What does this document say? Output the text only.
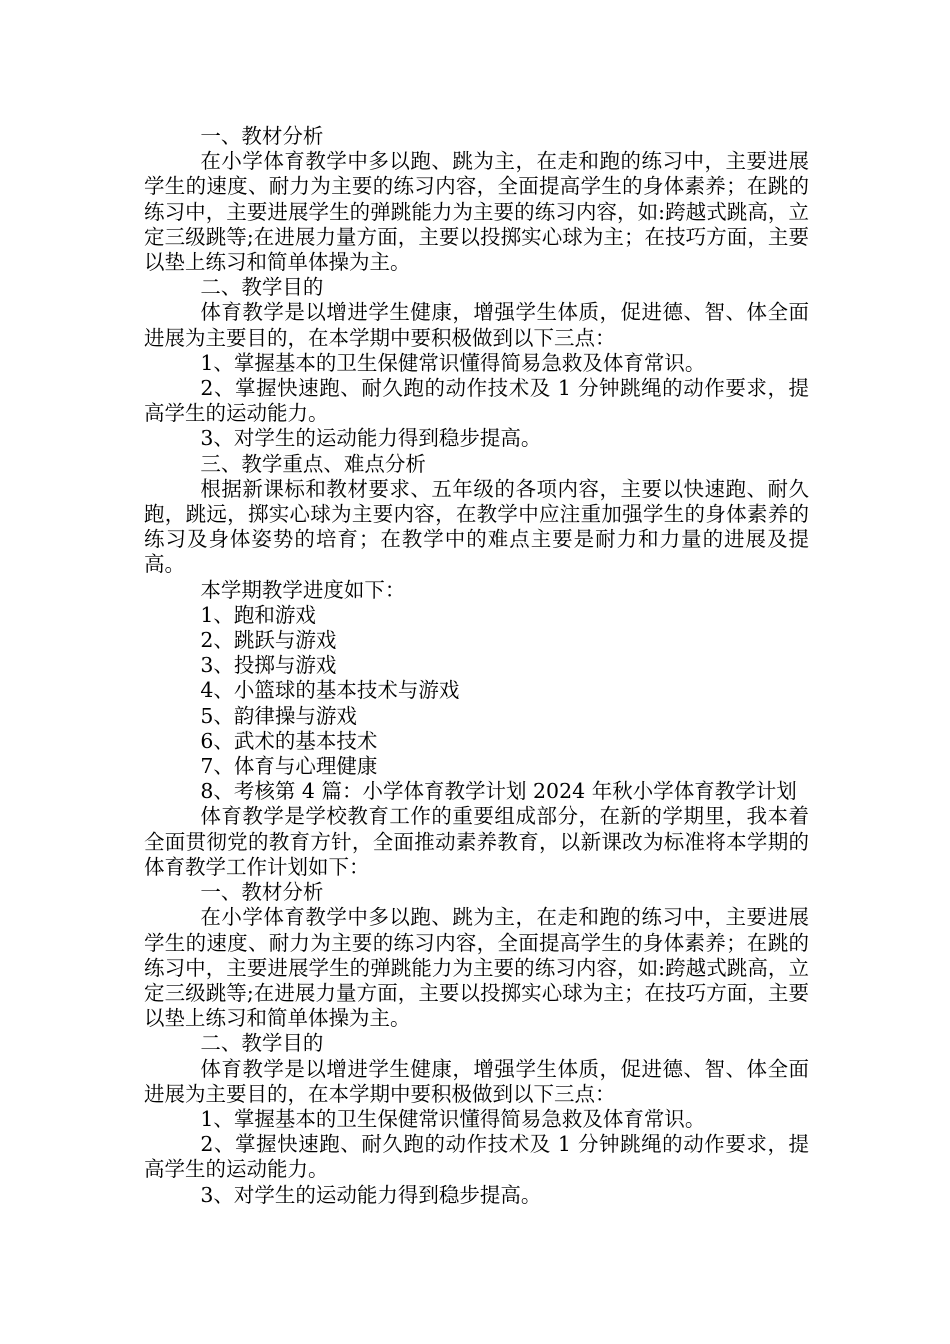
一、教材分析

在小学体育教学中多以跑、跳为主，在走和跑的练习中，主要进展学生的速度、耐力为主要的练习内容，全面提高学生的身体素养；在跳的练习中，主要进展学生的弹跳能力为主要的练习内容，如:跨越式跳高，立定三级跳等;在进展力量方面，主要以投掷实心球为主；在技巧方面，主要以垫上练习和简单体操为主。

二、教学目的

体育教学是以增进学生健康，增强学生体质，促进德、智、体全面进展为主要目的，在本学期中要积极做到以下三点：

1、掌握基本的卫生保健常识懂得简易急救及体育常识。

2、掌握快速跑、耐久跑的动作技术及 1 分钟跳绳的动作要求，提高学生的运动能力。

3、对学生的运动能力得到稳步提高。

三、教学重点、难点分析

根据新课标和教材要求、五年级的各项内容，主要以快速跑、耐久跑，跳远，掷实心球为主要内容，在教学中应注重加强学生的身体素养的练习及身体姿势的培育；在教学中的难点主要是耐力和力量的进展及提高。

本学期教学进度如下：

1、跑和游戏

2、跳跃与游戏

3、投掷与游戏

4、小篮球的基本技术与游戏

5、韵律操与游戏

6、武术的基本技术

7、体育与心理健康

8、考核第 4 篇：小学体育教学计划 2024 年秋小学体育教学计划

体育教学是学校教育工作的重要组成部分，在新的学期里，我本着全面贯彻党的教育方针，全面推动素养教育，以新课改为标准将本学期的体育教学工作计划如下：

一、教材分析

在小学体育教学中多以跑、跳为主，在走和跑的练习中，主要进展学生的速度、耐力为主要的练习内容，全面提高学生的身体素养；在跳的练习中，主要进展学生的弹跳能力为主要的练习内容，如:跨越式跳高，立定三级跳等;在进展力量方面，主要以投掷实心球为主；在技巧方面，主要以垫上练习和简单体操为主。

二、教学目的

体育教学是以增进学生健康，增强学生体质，促进德、智、体全面进展为主要目的，在本学期中要积极做到以下三点：

1、掌握基本的卫生保健常识懂得简易急救及体育常识。

2、掌握快速跑、耐久跑的动作技术及 1 分钟跳绳的动作要求，提高学生的运动能力。

3、对学生的运动能力得到稳步提高。
